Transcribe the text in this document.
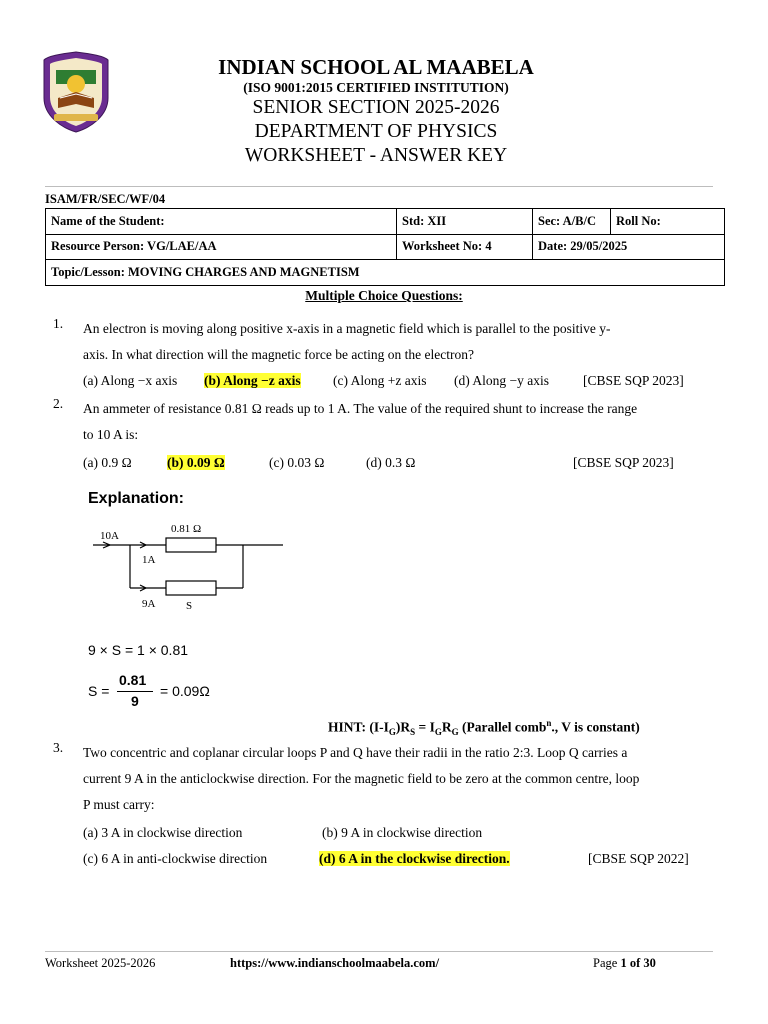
INDIAN SCHOOL AL MAABELA
(ISO 9001:2015 CERTIFIED INSTITUTION)
SENIOR SECTION 2025-2026
DEPARTMENT OF PHYSICS
WORKSHEET - ANSWER KEY
ISAM/FR/SEC/WF/04
Name of the Student:	Std: XII	Sec: A/B/C	Roll No:
Resource Person: VG/LAE/AA	Worksheet No: 4	Date: 29/05/2025	
Topic/Lesson: MOVING CHARGES AND MAGNETISM			
Multiple Choice Questions:
1. An electron is moving along positive x-axis in a magnetic field which is parallel to the positive y-
axis. In what direction will the magnetic force be acting on the electron?
(a) Along −x axis (b) Along −z axis (c) Along +z axis (d) Along −y axis	[CBSE SQP 2023]
2. An ammeter of resistance 0.81 Ω reads up to 1 A. The value of the required shunt to increase the range
to 10 A is:
(a) 0.9 Ω	(b) 0.09 Ω	(c) 0.03 Ω	(d) 0.3 Ω	[CBSE SQP 2023]
Explanation:
10A
0.81 Ω
1A
9A	S
9 × S = 1 × 0.81
S =
0.81
9
= 0.09Ω
HINT: $(I-I_G)R_S = I_GR_G$ (Parallel comb$^n$., V is constant)
3. Two concentric and coplanar circular loops P and Q have their radii in the ratio 2:3. Loop Q carries a
current 9 A in the anticlockwise direction. For the magnetic field to be zero at the common centre, loop
P must carry:
(a) 3 A in clockwise direction	(b) 9 A in clockwise direction
(c) 6 A in anti-clockwise direction	(d) 6 A in the clockwise direction.	[CBSE SQP 2022]
Worksheet 2025-2026	https://www.indianschoolmaabela.com/	Page 1 of 30
